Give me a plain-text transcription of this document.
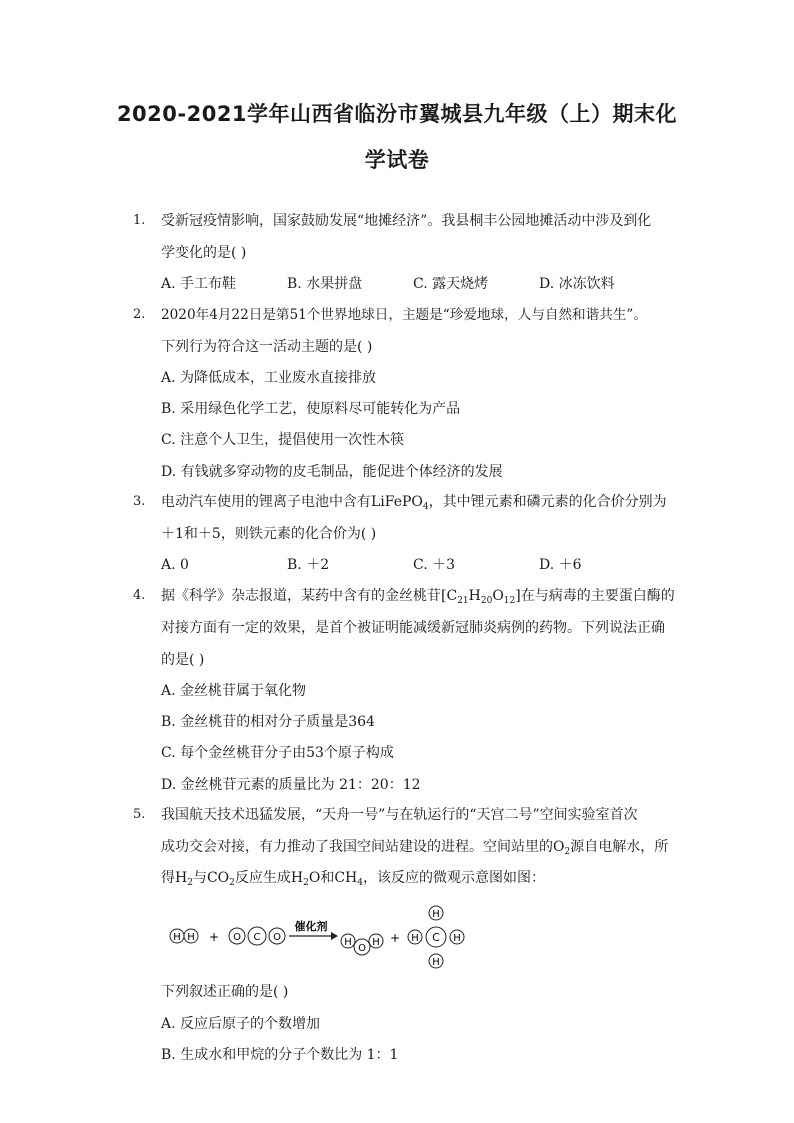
2020-2021学年山西省临汾市翼城县九年级（上）期末化
学试卷
1. 受新冠疫情影响，国家鼓励发展“地摊经济”。我县桐丰公园地摊活动中涉及到化
学变化的是( )
A. 手工布鞋	B. 水果拼盘	C. 露天烧烤	D. 冰冻饮料
2. 2020年4月22日是第51个世界地球日，主题是“珍爱地球，人与自然和谐共生”。
下列行为符合这一活动主题的是( )
A. 为降低成本，工业废水直接排放
B. 采用绿色化学工艺，使原料尽可能转化为产品
C. 注意个人卫生，提倡使用一次性木筷
D. 有钱就多穿动物的皮毛制品，能促进个体经济的发展
3. 电动汽车使用的锂离子电池中含有LiFePO$_4$，其中锂元素和磷元素的化合价分别为
＋1和＋5，则铁元素的化合价为( )
A. 0	B. ＋2	C. ＋3	D. ＋6
4. 据《科学》杂志报道，某药中含有的金丝桃苷$[C_{21}H_{20}O_{12}]$在与病毒的主要蛋白酶的
对接方面有一定的效果，是首个被证明能减缓新冠肺炎病例的药物。下列说法正确
的是( )
A. 金丝桃苷属于氧化物
B. 金丝桃苷的相对分子质量是364
C. 每个金丝桃苷分子由53个原子构成
D. 金丝桃苷元素的质量比为 21：20：12
5. 我国航天技术迅猛发展，“天舟一号”与在轨运行的“天宫二号”空间实验室首次
成功交会对接，有力推动了我国空间站建设的进程。空间站里的$O_2$源自电解水，所
得$H_2$与$CO_2$反应生成$H_2O$和$CH_4$，该反应的微观示意图如图：
H H + O C O
催化剂
H
O
H +
H
H C H
H
下列叙述正确的是( )
A. 反应后原子的个数增加
B. 生成水和甲烷的分子个数比为 1：1
